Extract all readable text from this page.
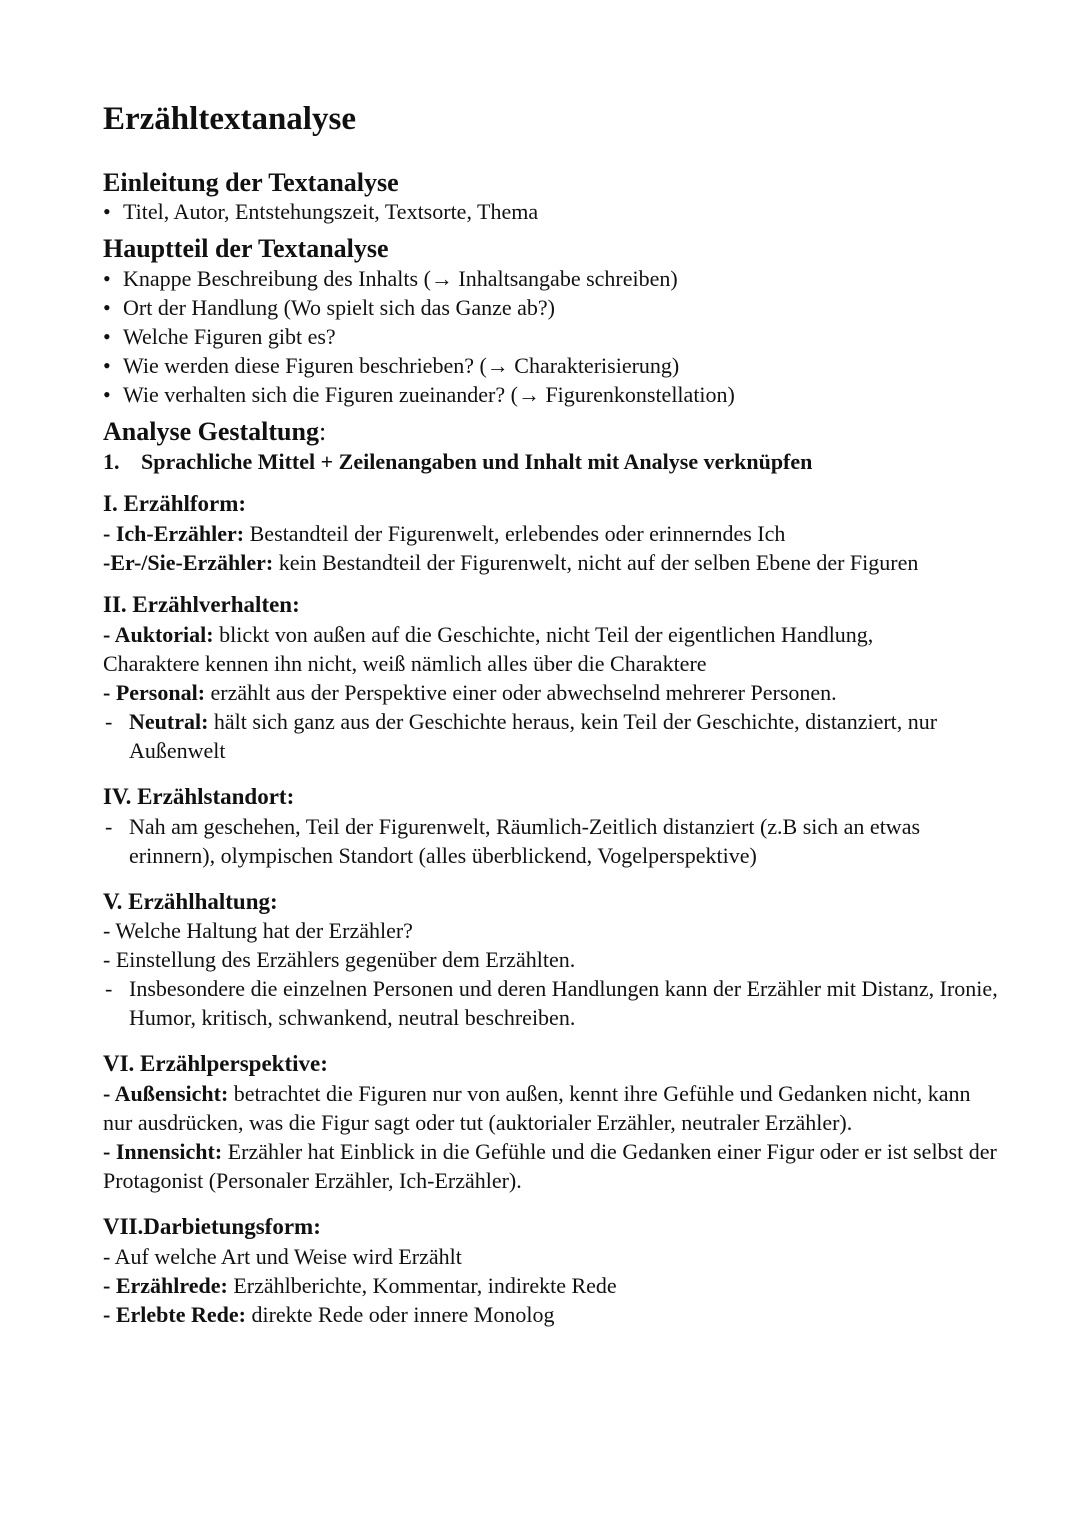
Erzähltextanalyse
Einleitung der Textanalyse
• Titel, Autor, Entstehungszeit, Textsorte, Thema
Hauptteil der Textanalyse
• Knappe Beschreibung des Inhalts (→ Inhaltsangabe schreiben)
• Ort der Handlung (Wo spielt sich das Ganze ab?)
• Welche Figuren gibt es?
• Wie werden diese Figuren beschrieben? (→ Charakterisierung)
• Wie verhalten sich die Figuren zueinander? (→ Figurenkonstellation)
Analyse Gestaltung:

1. Sprachliche Mittel + Zeilenangaben und Inhalt mit Analyse verknüpfen

I. Erzählform:

- Ich-Erzähler: Bestandteil der Figurenwelt, erlebendes oder erinnerndes Ich

-Er-/Sie-Erzähler: kein Bestandteil der Figurenwelt, nicht auf der selben Ebene der Figuren

II. Erzählverhalten:

- Auktorial: blickt von außen auf die Geschichte, nicht Teil der eigentlichen Handlung,

Charaktere kennen ihn nicht, weiß nämlich alles über die Charaktere

- Personal: erzählt aus der Perspektive einer oder abwechselnd mehrerer Personen.

- Neutral: hält sich ganz aus der Geschichte heraus, kein Teil der Geschichte, distanziert, nur Außenwelt

IV. Erzählstandort:

- Nah am geschehen, Teil der Figurenwelt, Räumlich-Zeitlich distanziert (z.B sich an etwas erinnern), olympischen Standort (alles überblickend, Vogelperspektive)

V. Erzählhaltung:

- Welche Haltung hat der Erzähler?

- Einstellung des Erzählers gegenüber dem Erzählten.

- Insbesondere die einzelnen Personen und deren Handlungen kann der Erzähler mit Distanz, Ironie, Humor, kritisch, schwankend, neutral beschreiben.

VI. Erzählperspektive:

- Außensicht: betrachtet die Figuren nur von außen, kennt ihre Gefühle und Gedanken nicht, kann nur ausdrücken, was die Figur sagt oder tut (auktorialer Erzähler, neutraler Erzähler).

- Innensicht: Erzähler hat Einblick in die Gefühle und die Gedanken einer Figur oder er ist selbst der Protagonist (Personaler Erzähler, Ich-Erzähler).

VII.Darbietungsform:

- Auf welche Art und Weise wird Erzählt

- Erzählrede: Erzählberichte, Kommentar, indirekte Rede

- Erlebte Rede: direkte Rede oder innere Monolog
